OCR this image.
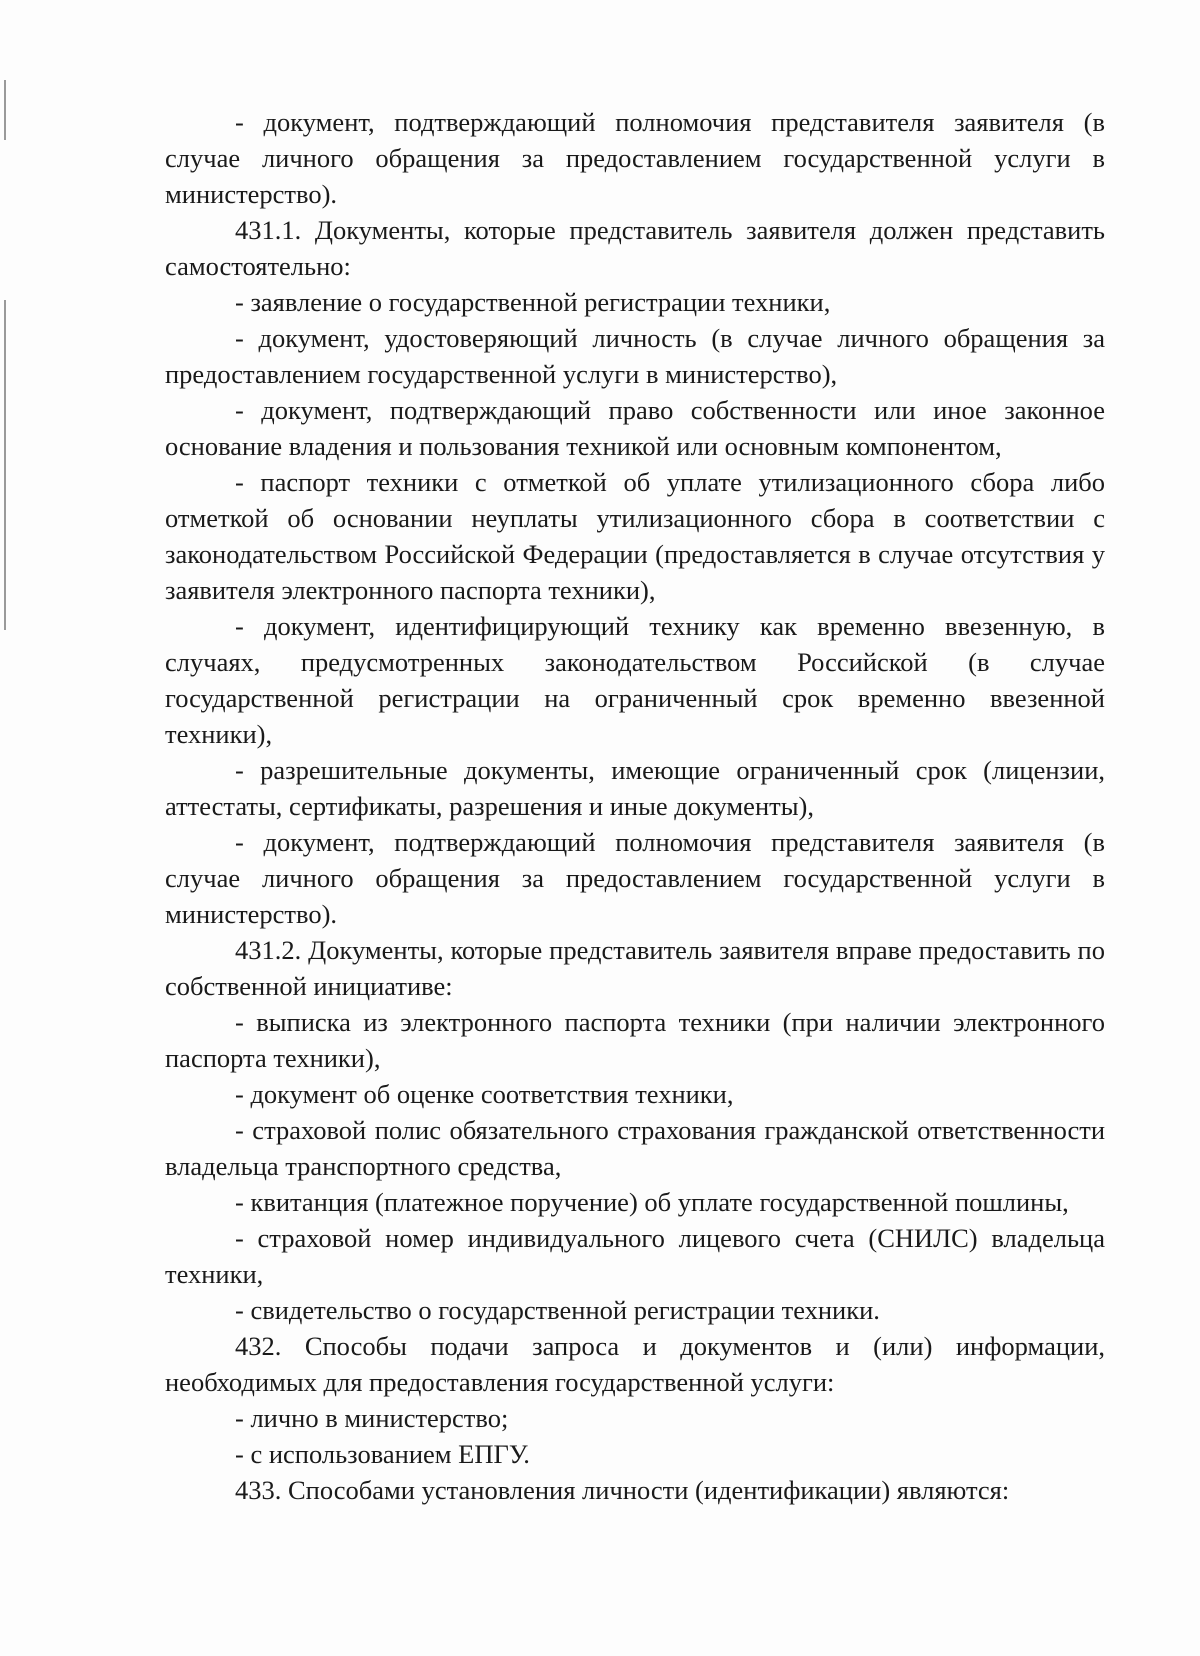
- документ, подтверждающий полномочия представителя заявителя (в случае личного обращения за предоставлением государственной услуги в министерство).

431.1. Документы, которые представитель заявителя должен представить самостоятельно:

- заявление о государственной регистрации техники,

- документ, удостоверяющий личность (в случае личного обращения за предоставлением государственной услуги в министерство),

- документ, подтверждающий право собственности или иное законное основание владения и пользования техникой или основным компонентом,

- паспорт техники с отметкой об уплате утилизационного сбора либо отметкой об основании неуплаты утилизационного сбора в соответствии с законодательством Российской Федерации (предоставляется в случае отсутствия у заявителя электронного паспорта техники),

- документ, идентифицирующий технику как временно ввезенную, в случаях, предусмотренных законодательством Российской (в случае государственной регистрации на ограниченный срок временно ввезенной техники),

- разрешительные документы, имеющие ограниченный срок (лицензии, аттестаты, сертификаты, разрешения и иные документы),

- документ, подтверждающий полномочия представителя заявителя (в случае личного обращения за предоставлением государственной услуги в министерство).

431.2. Документы, которые представитель заявителя вправе предоставить по собственной инициативе:

- выписка из электронного паспорта техники (при наличии электронного паспорта техники),

- документ об оценке соответствия техники,

- страховой полис обязательного страхования гражданской ответственности владельца транспортного средства,

- квитанция (платежное поручение) об уплате государственной пошлины,

- страховой номер индивидуального лицевого счета (СНИЛС) владельца техники,

- свидетельство о государственной регистрации техники.

432. Способы подачи запроса и документов и (или) информации, необходимых для предоставления государственной услуги:

- лично в министерство;

- с использованием ЕПГУ.

433. Способами установления личности (идентификации) являются:
